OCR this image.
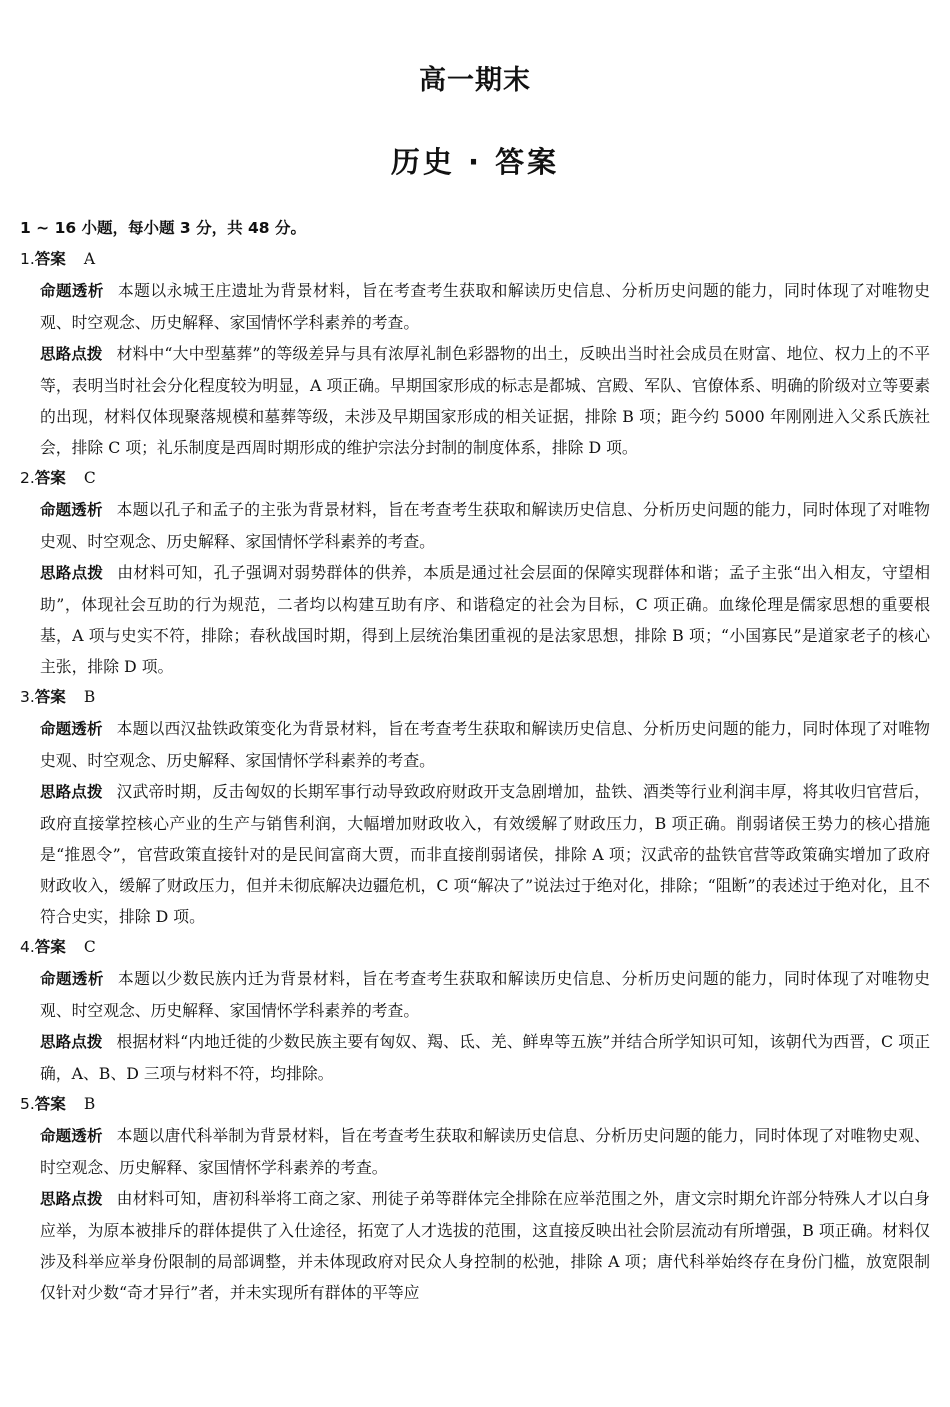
高一期末
历史 · 答案
1 ~ 16 小题，每小题 3 分，共 48 分。
1.答案 A
命题透析 本题以永城王庄遗址为背景材料，旨在考查考生获取和解读历史信息、分析历史问题的能力，同时体现了对唯物史观、时空观念、历史解释、家国情怀学科素养的考查。
思路点拨 材料中“大中型墓葬”的等级差异与具有浓厚礼制色彩器物的出土，反映出当时社会成员在财富、地位、权力上的不平等，表明当时社会分化程度较为明显，A 项正确。早期国家形成的标志是都城、宫殿、军队、官僚体系、明确的阶级对立等要素的出现，材料仅体现聚落规模和墓葬等级，未涉及早期国家形成的相关证据，排除 B 项；距今约 5000 年刚刚进入父系氏族社会，排除 C 项；礼乐制度是西周时期形成的维护宗法分封制的制度体系，排除 D 项。
2.答案 C
命题透析 本题以孔子和孟子的主张为背景材料，旨在考查考生获取和解读历史信息、分析历史问题的能力，同时体现了对唯物史观、时空观念、历史解释、家国情怀学科素养的考查。
思路点拨 由材料可知，孔子强调对弱势群体的供养，本质是通过社会层面的保障实现群体和谐；孟子主张“出入相友，守望相助”，体现社会互助的行为规范，二者均以构建互助有序、和谐稳定的社会为目标，C 项正确。血缘伦理是儒家思想的重要根基，A 项与史实不符，排除；春秋战国时期，得到上层统治集团重视的是法家思想，排除 B 项；“小国寡民”是道家老子的核心主张，排除 D 项。
3.答案 B
命题透析 本题以西汉盐铁政策变化为背景材料，旨在考查考生获取和解读历史信息、分析历史问题的能力，同时体现了对唯物史观、时空观念、历史解释、家国情怀学科素养的考查。
思路点拨 汉武帝时期，反击匈奴的长期军事行动导致政府财政开支急剧增加，盐铁、酒类等行业利润丰厚，将其收归官营后，政府直接掌控核心产业的生产与销售利润，大幅增加财政收入，有效缓解了财政压力，B 项正确。削弱诸侯王势力的核心措施是“推恩令”，官营政策直接针对的是民间富商大贾，而非直接削弱诸侯，排除 A 项；汉武帝的盐铁官营等政策确实增加了政府财政收入，缓解了财政压力，但并未彻底解决边疆危机，C 项“解决了”说法过于绝对化，排除；“阻断”的表述过于绝对化，且不符合史实，排除 D 项。
4.答案 C
命题透析 本题以少数民族内迁为背景材料，旨在考查考生获取和解读历史信息、分析历史问题的能力，同时体现了对唯物史观、时空观念、历史解释、家国情怀学科素养的考查。
思路点拨 根据材料“内地迁徙的少数民族主要有匈奴、羯、氐、羌、鲜卑等五族”并结合所学知识可知，该朝代为西晋，C 项正确，A、B、D 三项与材料不符，均排除。
5.答案 B
命题透析 本题以唐代科举制为背景材料，旨在考查考生获取和解读历史信息、分析历史问题的能力，同时体现了对唯物史观、时空观念、历史解释、家国情怀学科素养的考查。
思路点拨 由材料可知，唐初科举将工商之家、刑徒子弟等群体完全排除在应举范围之外，唐文宗时期允许部分特殊人才以白身应举，为原本被排斥的群体提供了入仕途径，拓宽了人才选拔的范围，这直接反映出社会阶层流动有所增强，B 项正确。材料仅涉及科举应举身份限制的局部调整，并未体现政府对民众人身控制的松弛，排除 A 项；唐代科举始终存在身份门槛，放宽限制仅针对少数“奇才异行”者，并未实现所有群体的平等应
